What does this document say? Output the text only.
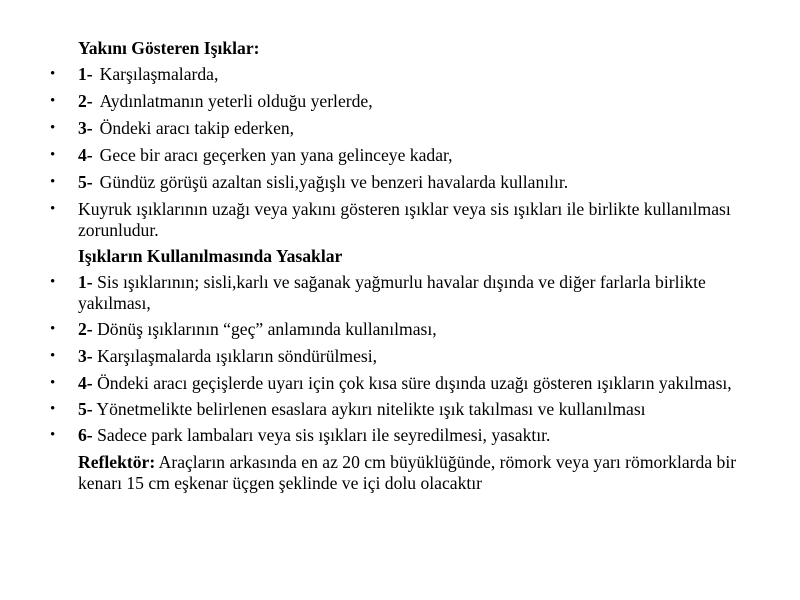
Yakını Gösteren Işıklar:
• 1- Karşılaşmalarda,
• 2- Aydınlatmanın yeterli olduğu yerlerde,
• 3- Öndeki aracı takip ederken,
• 4- Gece bir aracı geçerken yan yana gelinceye kadar,
• 5- Gündüz görüşü azaltan sisli,yağışlı ve benzeri havalarda kullanılır.
• Kuyruk ışıklarının uzağı veya yakını gösteren ışıklar veya sis ışıkları ile birlikte kullanılması zorunludur.
Işıkların Kullanılmasında Yasaklar
• 1- Sis ışıklarının; sisli,karlı ve sağanak yağmurlu havalar dışında ve diğer farlarla birlikte yakılması,
• 2- Dönüş ışıklarının “geç” anlamında kullanılması,
• 3- Karşılaşmalarda ışıkların söndürülmesi,
• 4- Öndeki aracı geçişlerde uyarı için çok kısa süre dışında uzağı gösteren ışıkların yakılması,
• 5- Yönetmelikte belirlenen esaslara aykırı nitelikte ışık takılması ve kullanılması
• 6- Sadece park lambaları veya sis ışıkları ile seyredilmesi, yasaktır.
Reflektör: Araçların arkasında en az 20 cm büyüklüğünde, römork veya yarı römorklarda bir kenarı 15 cm eşkenar üçgen şeklinde ve içi dolu olacaktır
